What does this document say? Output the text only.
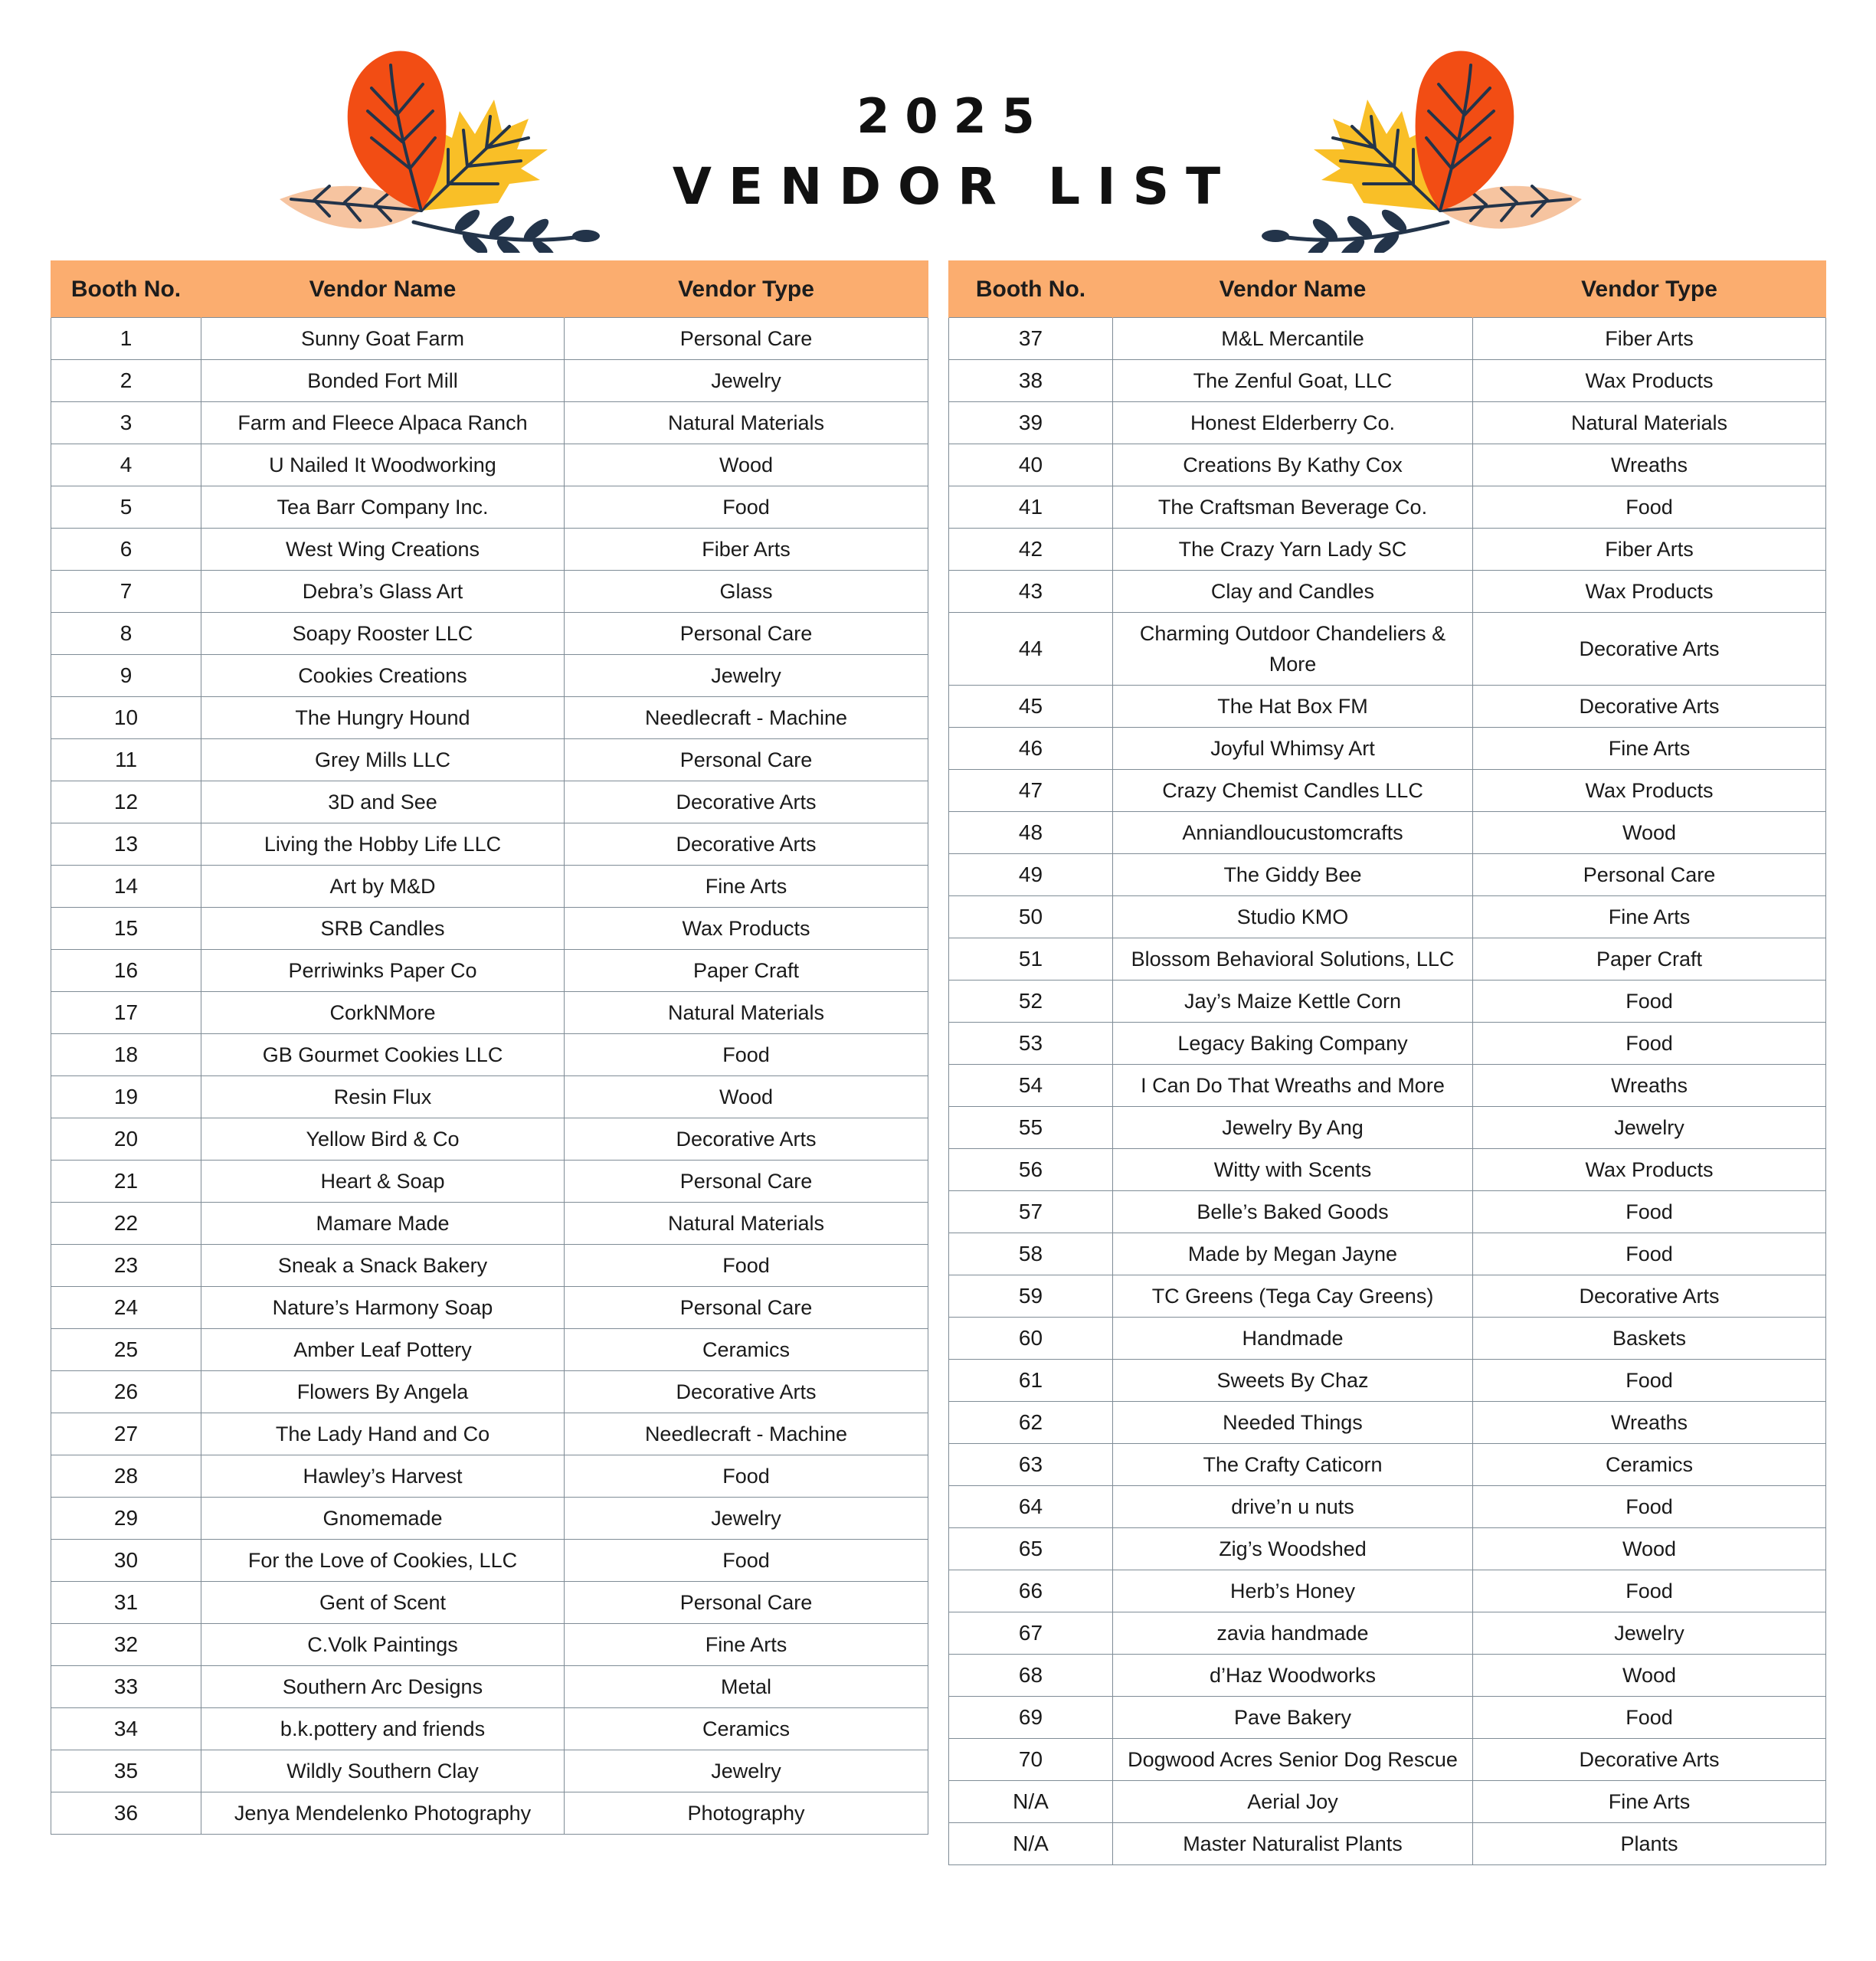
2025
VENDOR LIST
Booth No.	Vendor Name	Vendor Type
1	Sunny Goat Farm	Personal Care
2	Bonded Fort Mill	Jewelry
3	Farm and Fleece Alpaca Ranch	Natural Materials
4	U Nailed It Woodworking	Wood
5	Tea Barr Company Inc.	Food
6	West Wing Creations	Fiber Arts
7	Debra’s Glass Art	Glass
8	Soapy Rooster LLC	Personal Care
9	Cookies Creations	Jewelry
10	The Hungry Hound	Needlecraft - Machine
11	Grey Mills LLC	Personal Care
12	3D and See	Decorative Arts
13	Living the Hobby Life LLC	Decorative Arts
14	Art by M&D	Fine Arts
15	SRB Candles	Wax Products
16	Perriwinks Paper Co	Paper Craft
17	CorkNMore	Natural Materials
18	GB Gourmet Cookies LLC	Food
19	Resin Flux	Wood
20	Yellow Bird & Co	Decorative Arts
21	Heart & Soap	Personal Care
22	Mamare Made	Natural Materials
23	Sneak a Snack Bakery	Food
24	Nature’s Harmony Soap	Personal Care
25	Amber Leaf Pottery	Ceramics
26	Flowers By Angela	Decorative Arts
27	The Lady Hand and Co	Needlecraft - Machine
28	Hawley’s Harvest	Food
29	Gnomemade	Jewelry
30	For the Love of Cookies, LLC	Food
31	Gent of Scent	Personal Care
32	C.Volk Paintings	Fine Arts
33	Southern Arc Designs	Metal
34	b.k.pottery and friends	Ceramics
35	Wildly Southern Clay	Jewelry
36	Jenya Mendelenko Photography	Photography
Booth No.	Vendor Name	Vendor Type
37	M&L Mercantile	Fiber Arts
38	The Zenful Goat, LLC	Wax Products
39	Honest Elderberry Co.	Natural Materials
40	Creations By Kathy Cox	Wreaths
41	The Craftsman Beverage Co.	Food
42	The Crazy Yarn Lady SC	Fiber Arts
43	Clay and Candles	Wax Products
44	Charming Outdoor Chandeliers & More	Decorative Arts
45	The Hat Box FM	Decorative Arts
46	Joyful Whimsy Art	Fine Arts
47	Crazy Chemist Candles LLC	Wax Products
48	Anniandloucustomcrafts	Wood
49	The Giddy Bee	Personal Care
50	Studio KMO	Fine Arts
51	Blossom Behavioral Solutions, LLC	Paper Craft
52	Jay’s Maize Kettle Corn	Food
53	Legacy Baking Company	Food
54	I Can Do That Wreaths and More	Wreaths
55	Jewelry By Ang	Jewelry
56	Witty with Scents	Wax Products
57	Belle’s Baked Goods	Food
58	Made by Megan Jayne	Food
59	TC Greens (Tega Cay Greens)	Decorative Arts
60	Handmade	Baskets
61	Sweets By Chaz	Food
62	Needed Things	Wreaths
63	The Crafty Caticorn	Ceramics
64	drive’n u nuts	Food
65	Zig’s Woodshed	Wood
66	Herb’s Honey	Food
67	zavia handmade	Jewelry
68	d’Haz Woodworks	Wood
69	Pave Bakery	Food
70	Dogwood Acres Senior Dog Rescue	Decorative Arts
N/A	Aerial Joy	Fine Arts
N/A	Master Naturalist Plants	Plants
